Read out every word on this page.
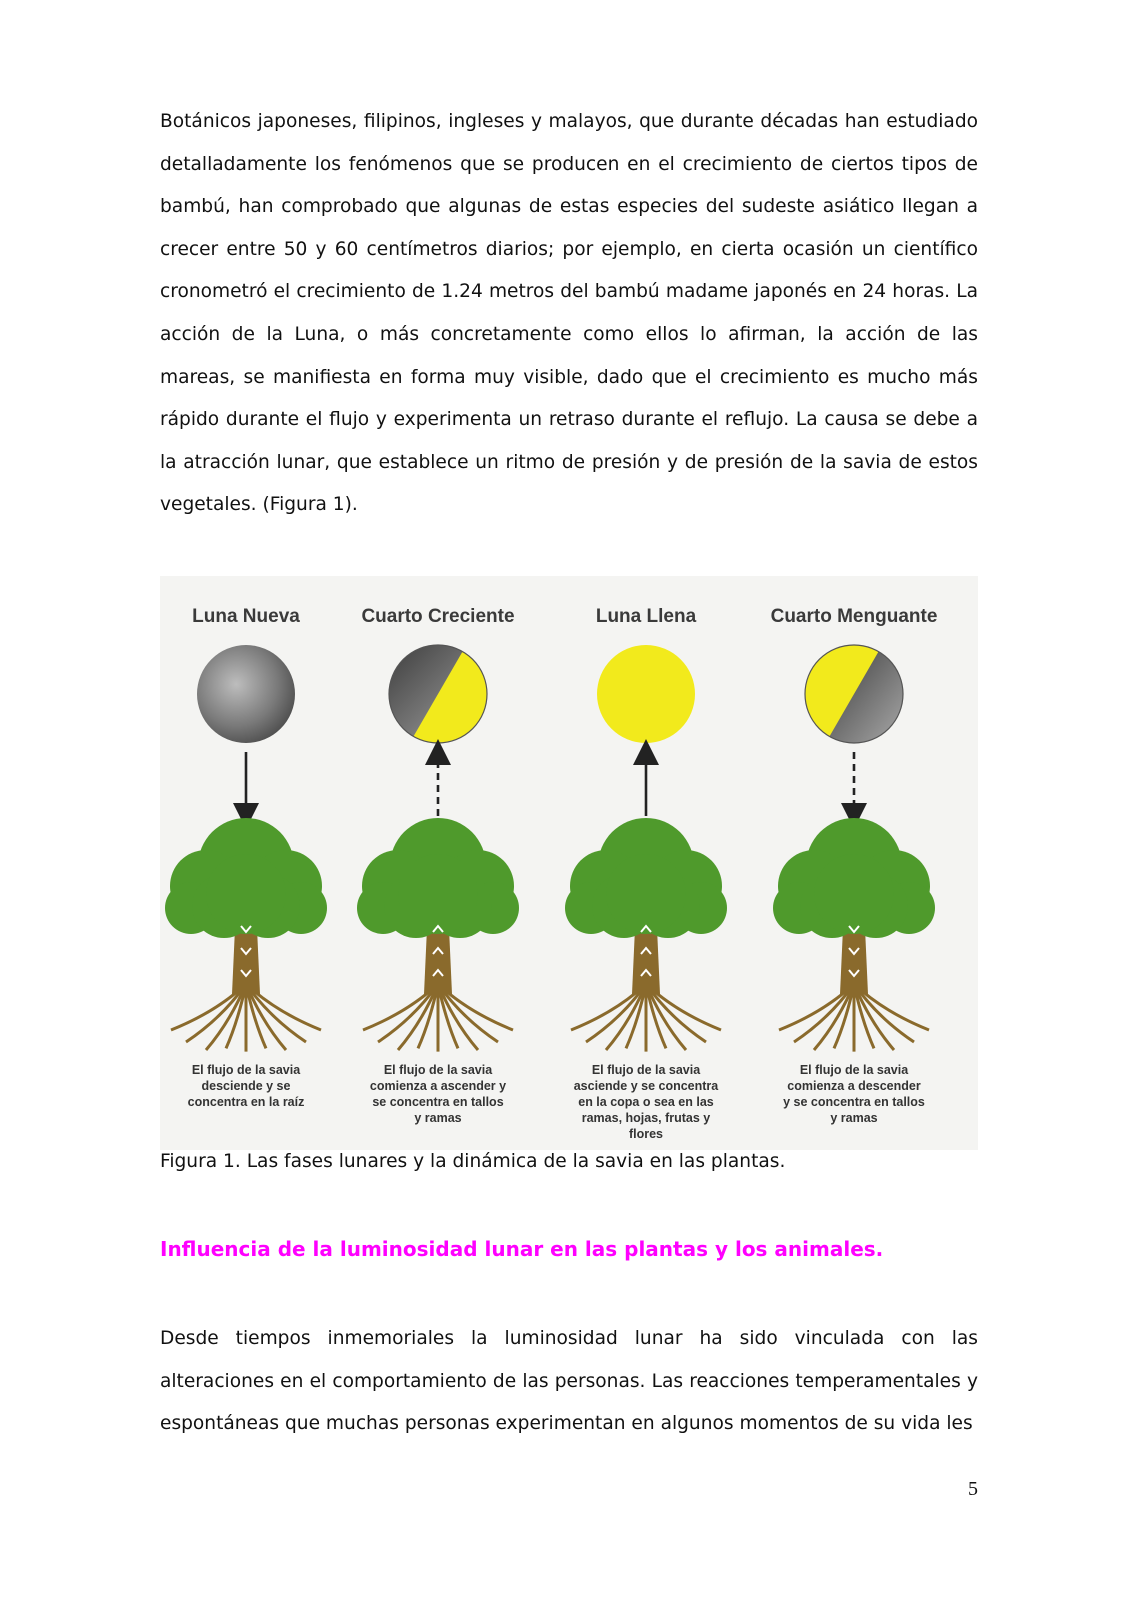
Botánicos japoneses, filipinos, ingleses y malayos, que durante décadas han estudiado detalladamente los fenómenos que se producen en el crecimiento de ciertos tipos de bambú, han comprobado que algunas de estas especies del sudeste asiático llegan a crecer entre 50 y 60 centímetros diarios; por ejemplo, en cierta ocasión un científico cronometró el crecimiento de 1.24 metros del bambú madame japonés en 24 horas. La acción de la Luna, o más concretamente como ellos lo afirman, la acción de las mareas, se manifiesta en forma muy visible, dado que el crecimiento es mucho más rápido durante el flujo y experimenta un retraso durante el reflujo. La causa se debe a la atracción lunar, que establece un ritmo de presión y de presión de la savia de estos vegetales. (Figura 1).

Luna Nueva
El flujo de la savia
desciende y se
concentra en la raíz
Cuarto Creciente
El flujo de la savia
comienza a ascender y
se concentra en tallos
y ramas
Luna Llena
El flujo de la savia
asciende y se concentra
en la copa o sea en las
ramas, hojas, frutas y
flores
Cuarto Menguante
El flujo de la savia
comienza a descender
y se concentra en tallos
y ramas

Figura 1. Las fases lunares y la dinámica de la savia en las plantas.

Influencia de la luminosidad lunar en las plantas y los animales.

Desde tiempos inmemoriales la luminosidad lunar ha sido vinculada con las alteraciones en el comportamiento de las personas. Las reacciones temperamentales y espontáneas que muchas personas experimentan en algunos momentos de su vida les

5
